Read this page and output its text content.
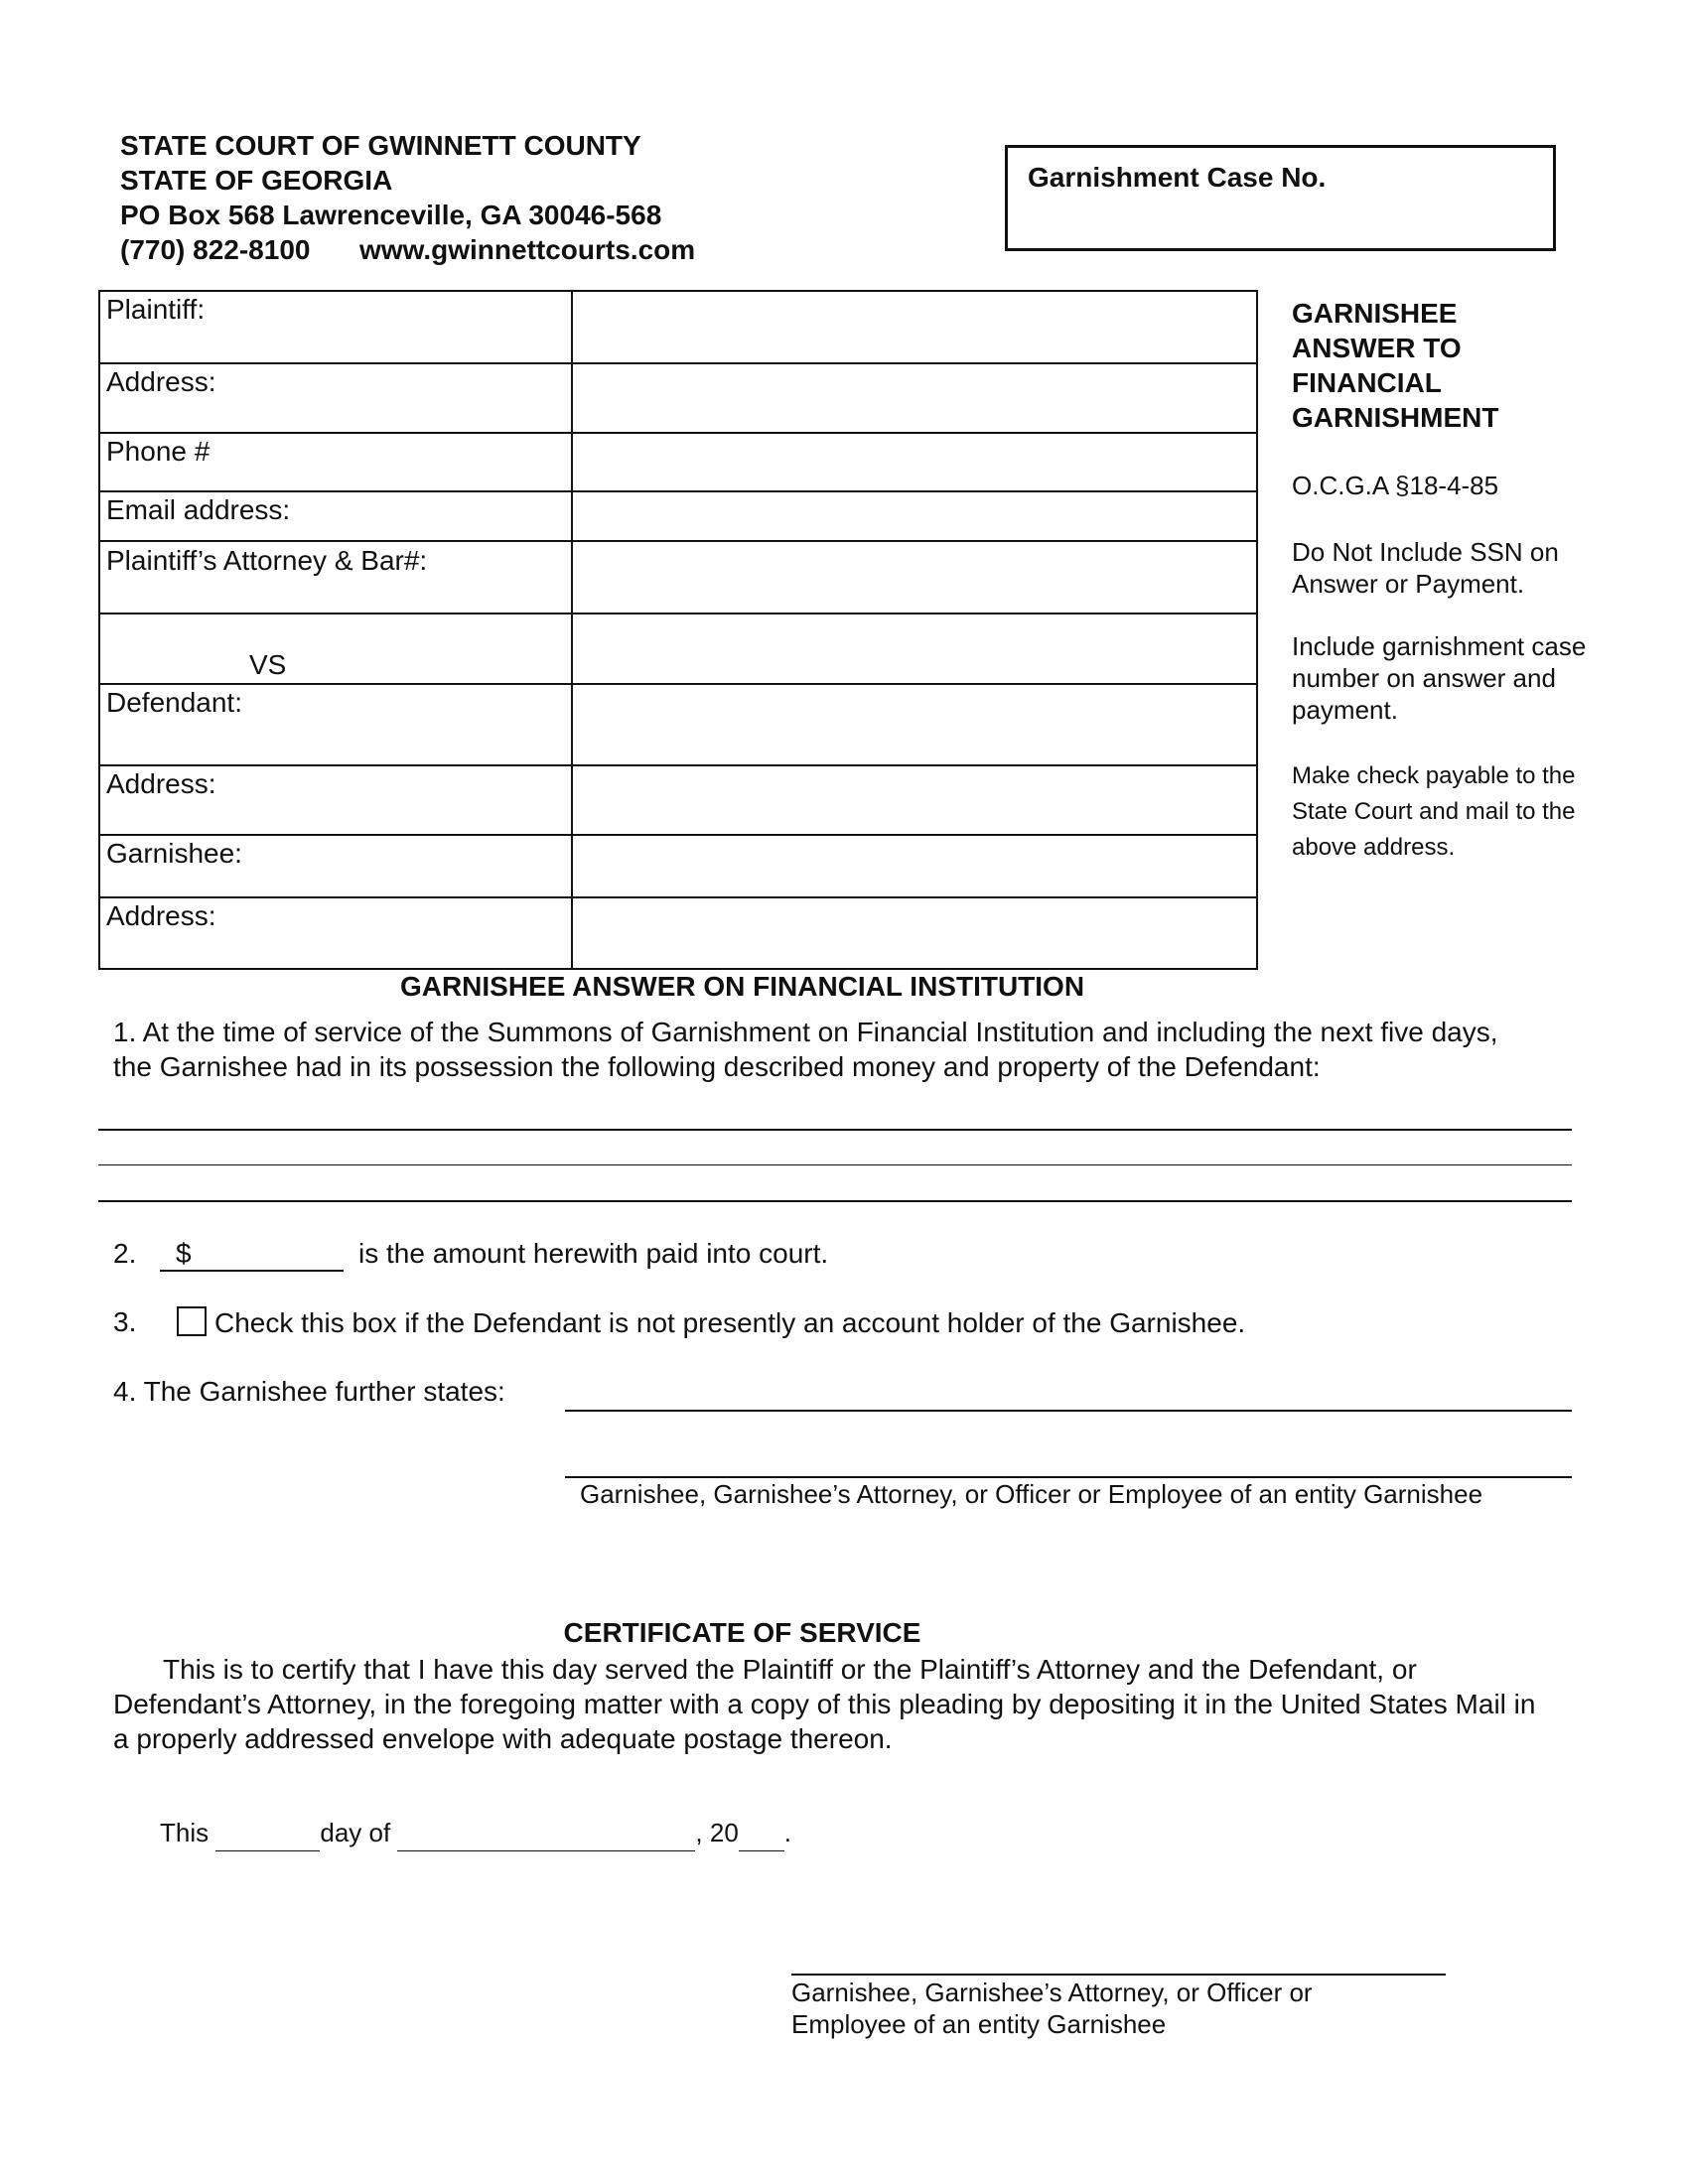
STATE COURT OF GWINNETT COUNTY
STATE OF GEORGIA
PO Box 568 Lawrenceville, GA 30046-568
(770) 822-8100 www.gwinnettcourts.com
Garnishment Case No.
Plaintiff:	
Address:	
Phone #	
Email address:	
Plaintiff’s Attorney & Bar#:	
VS	
Defendant:	
Address:	
Garnishee:	
Address:	
GARNISHEE ANSWER TO FINANCIAL GARNISHMENT
O.C.G.A §18-4-85
Do Not Include SSN on Answer or Payment.
Include garnishment case number on answer and payment.
Make check payable to the State Court and mail to the above address.
GARNISHEE ANSWER ON FINANCIAL INSTITUTION
1. At the time of service of the Summons of Garnishment on Financial Institution and including the next five days, the Garnishee had in its possession the following described money and property of the Defendant:
2.	$	is the amount herewith paid into court.
3.	Check this box if the Defendant is not presently an account holder of the Garnishee.
4. The Garnishee further states:
Garnishee, Garnishee’s Attorney, or Officer or Employee of an entity Garnishee
CERTIFICATE OF SERVICE
This is to certify that I have this day served the Plaintiff or the Plaintiff’s Attorney and the Defendant, or Defendant’s Attorney, in the foregoing matter with a copy of this pleading by depositing it in the United States Mail in a properly addressed envelope with adequate postage thereon.
This	day of	, 20 .
Garnishee, Garnishee’s Attorney, or Officer or
Employee of an entity Garnishee
